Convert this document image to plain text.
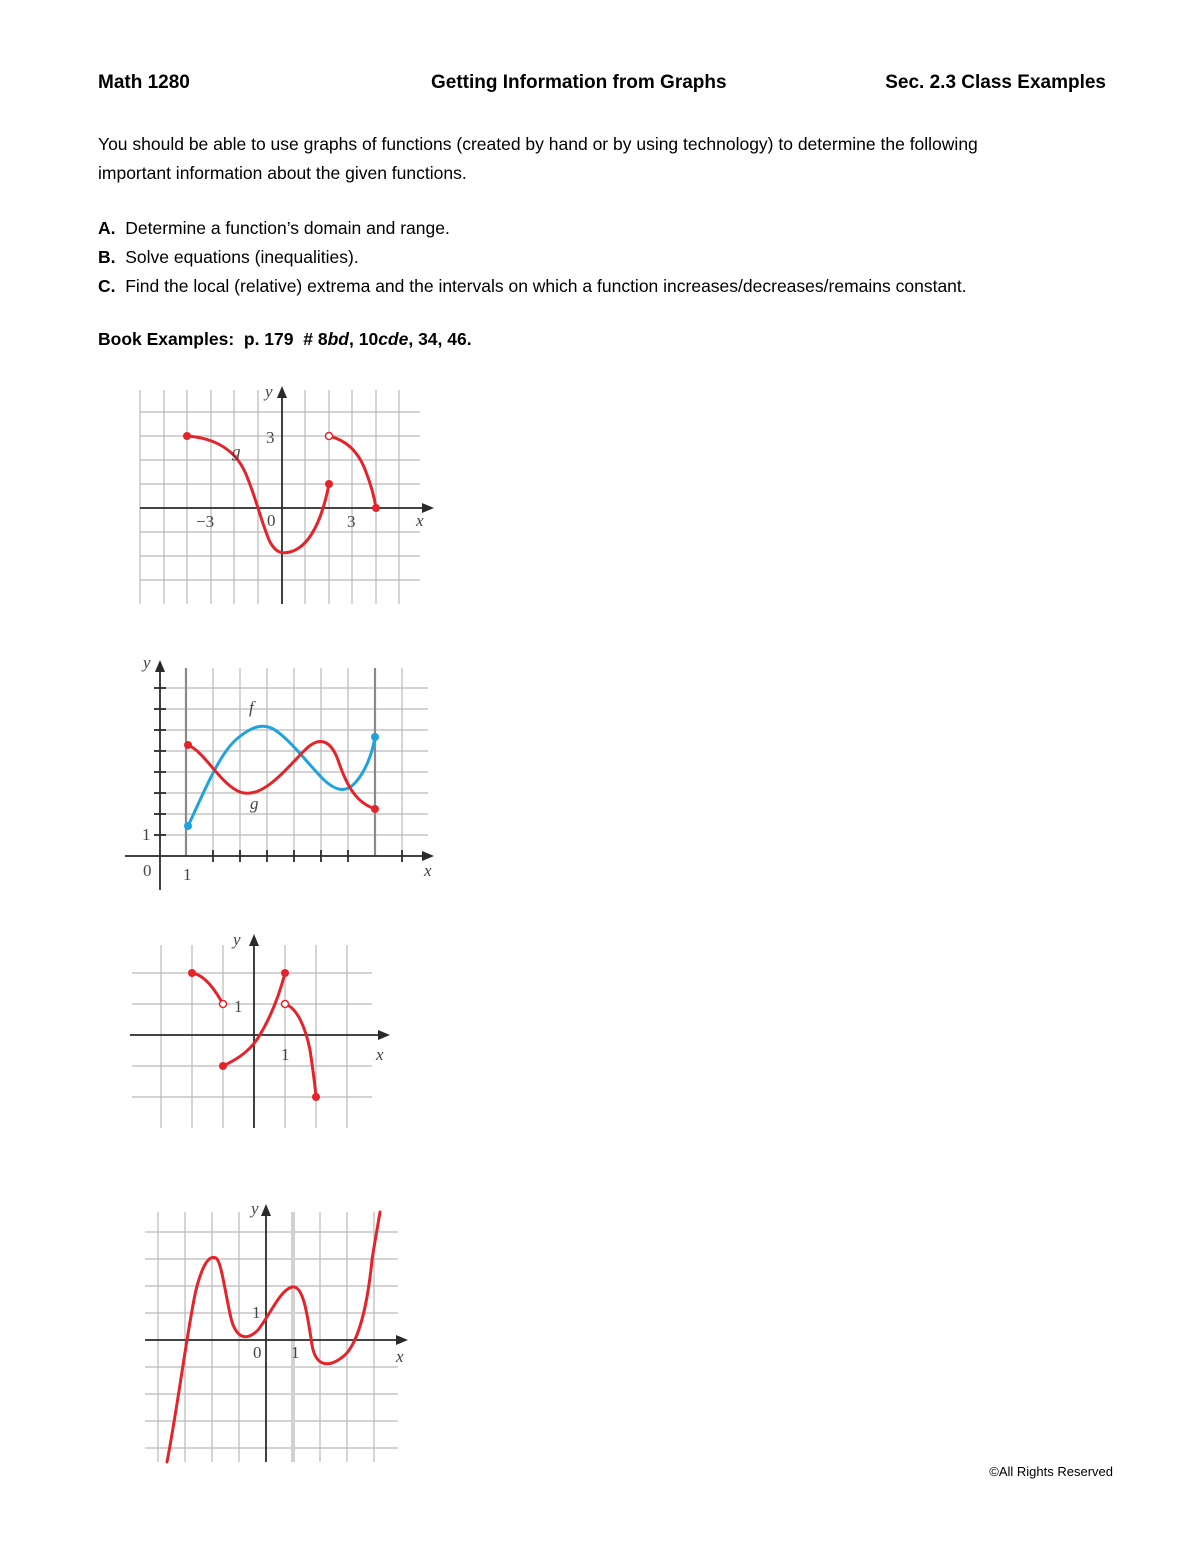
Math 1280	Getting Information from Graphs	Sec. 2.3 Class Examples
You should be able to use graphs of functions (created by hand or by using technology) to determine the following
important information about the given functions.
A. Determine a function’s domain and range.
B. Solve equations (inequalities).
C. Find the local (relative) extrema and the intervals on which a function increases/decreases/remains constant.
Book Examples: p. 179 # 8bd, 10cde, 34, 46.
y
3
g
−3	0	3	x
y
f
g
1
0 1	x
y
1
1	x
y
1
0 1	x
©All Rights Reserved
